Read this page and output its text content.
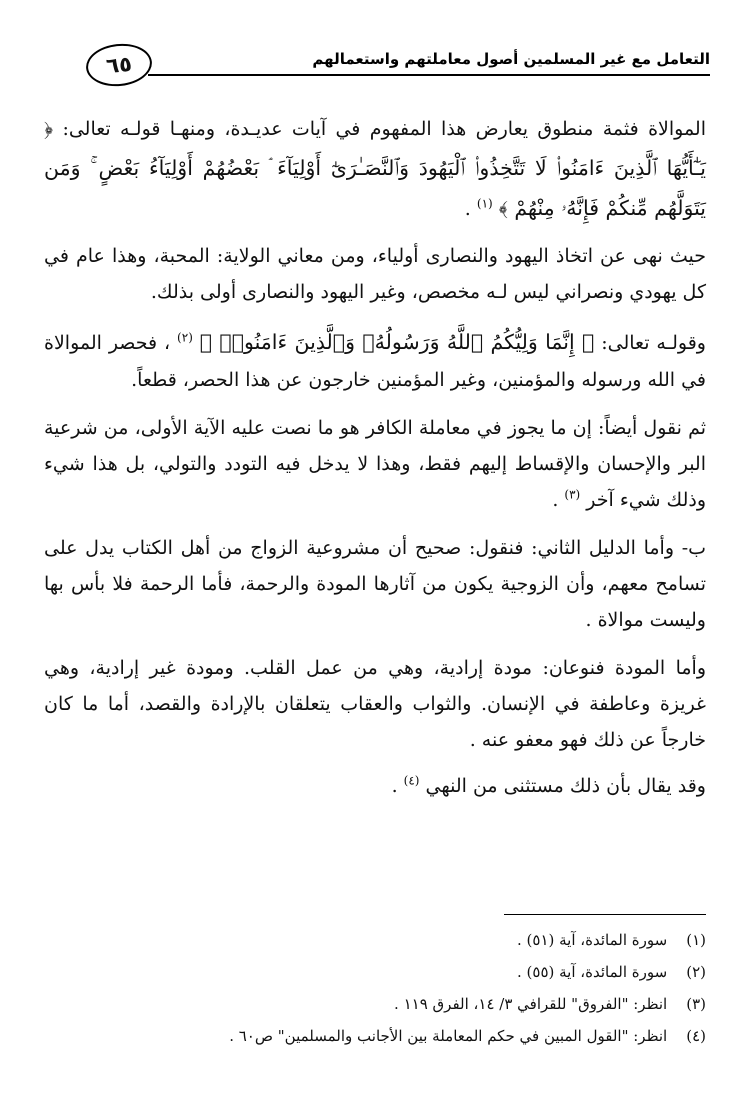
التعامل مع غير المسلمين أصول معاملتهم واستعمالهم
٦٥

الموالاة فثمة منطوق يعارض هذا المفهوم في آيات عديـدة، ومنهـا قولـه تعالى: ﴿ يَـٰٓأَيُّهَا ٱلَّذِينَ ءَامَنُوا۟ لَا تَتَّخِذُوا۟ ٱلْيَهُودَ وَٱلنَّصَـٰرَىٰٓ أَوْلِيَآءَ ۘ بَعْضُهُمْ أَوْلِيَآءُ بَعْضٍ ۚ وَمَن يَتَوَلَّهُم مِّنكُمْ فَإِنَّهُۥ مِنْهُمْ ﴾ $^{(١)}$ .

حيث نهى عن اتخاذ اليهود والنصارى أولياء، ومن معاني الولاية: المحبة، وهذا عام في كل يهودي ونصراني ليس لـه مخصص، وغير اليهود والنصارى أولى بذلك.

وقولـه تعالى: ﴿ إِنَّمَا وَلِيُّكُمُ ٱللَّهُ وَرَسُولُهُۥ وَٱلَّذِينَ ءَامَنُوا۟ ﴾ $^{(٢)}$ ، فحصر الموالاة في الله ورسوله والمؤمنين، وغير المؤمنين خارجون عن هذا الحصر، قطعاً.

ثم نقول أيضاً: إن ما يجوز في معاملة الكافر هو ما نصت عليه الآية الأولى، من شرعية البر والإحسان والإقساط إليهم فقط، وهذا لا يدخل فيه التودد والتولي، بل هذا شيء وذلك شيء آخر $^{(٣)}$ .

ب- وأما الدليل الثاني: فنقول: صحيح أن مشروعية الزواج من أهل الكتاب يدل على تسامح معهم، وأن الزوجية يكون من آثارها المودة والرحمة، فأما الرحمة فلا بأس بها وليست موالاة .

وأما المودة فنوعان: مودة إرادية، وهي من عمل القلب. ومودة غير إرادية، وهي غريزة وعاطفة في الإنسان. والثواب والعقاب يتعلقان بالإرادة والقصد، أما ما كان خارجاً عن ذلك فهو معفو عنه .

وقد يقال بأن ذلك مستثنى من النهي $^{(٤)}$ .

(١) سورة المائدة، آية (٥١) .
(٢) سورة المائدة، آية (٥٥) .
(٣) انظر: "الفروق" للقرافي ٣/ ١٤، الفرق ١١٩ .
(٤) انظر: "القول المبين في حكم المعاملة بين الأجانب والمسلمين" ص٦٠ .
